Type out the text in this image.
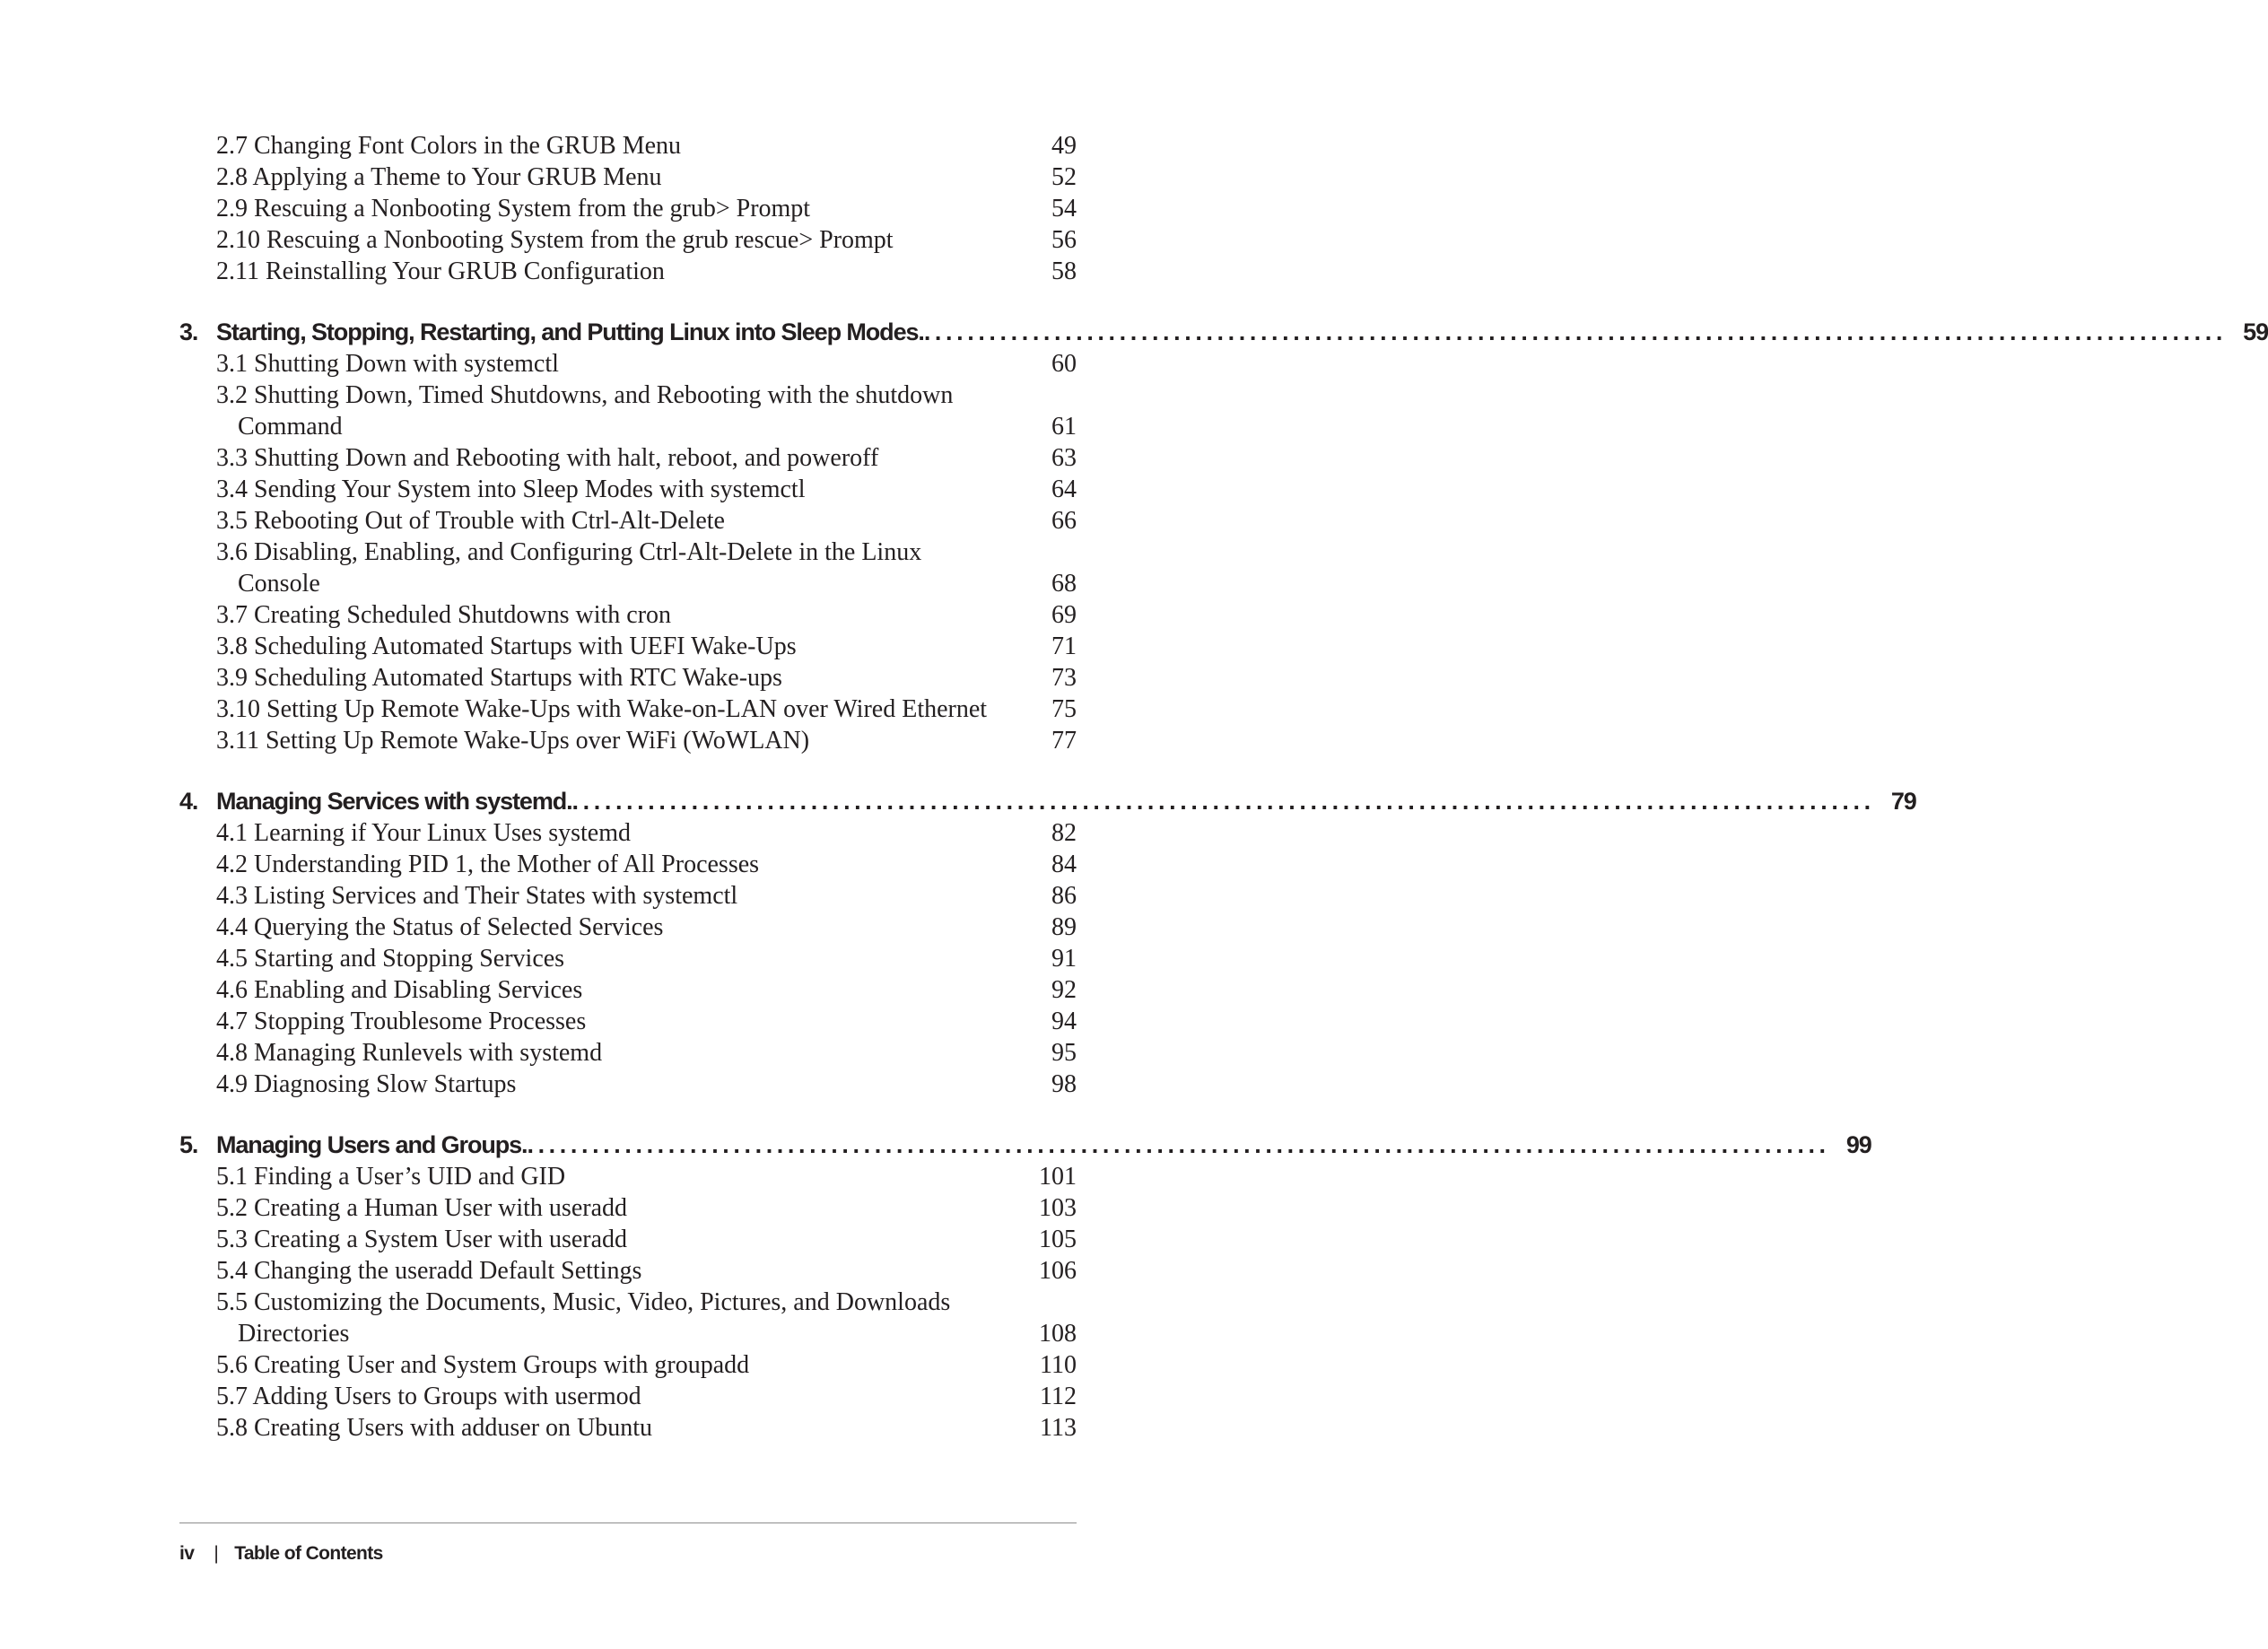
2.7 Changing Font Colors in the GRUB Menu	49
2.8 Applying a Theme to Your GRUB Menu	52
2.9 Rescuing a Nonbooting System from the grub> Prompt	54
2.10 Rescuing a Nonbooting System from the grub rescue> Prompt	56
2.11 Reinstalling Your GRUB Configuration	58
3. Starting, Stopping, Restarting, and Putting Linux into Sleep Modes. ........................................................................................................................ 59
3.1 Shutting Down with systemctl	60
3.2 Shutting Down, Timed Shutdowns, and Rebooting with the shutdown
Command	61
3.3 Shutting Down and Rebooting with halt, reboot, and poweroff	63
3.4 Sending Your System into Sleep Modes with systemctl	64
3.5 Rebooting Out of Trouble with Ctrl-Alt-Delete	66
3.6 Disabling, Enabling, and Configuring Ctrl-Alt-Delete in the Linux
Console	68
3.7 Creating Scheduled Shutdowns with cron	69
3.8 Scheduling Automated Startups with UEFI Wake-Ups	71
3.9 Scheduling Automated Startups with RTC Wake-ups	73
3.10 Setting Up Remote Wake-Ups with Wake-on-LAN over Wired Ethernet	75
3.11 Setting Up Remote Wake-Ups over WiFi (WoWLAN)	77
4. Managing Services with systemd. ........................................................................................................................ 79
4.1 Learning if Your Linux Uses systemd	82
4.2 Understanding PID 1, the Mother of All Processes	84
4.3 Listing Services and Their States with systemctl	86
4.4 Querying the Status of Selected Services	89
4.5 Starting and Stopping Services	91
4.6 Enabling and Disabling Services	92
4.7 Stopping Troublesome Processes	94
4.8 Managing Runlevels with systemd	95
4.9 Diagnosing Slow Startups	98
5. Managing Users and Groups. ........................................................................................................................ 99
5.1 Finding a User’s UID and GID	101
5.2 Creating a Human User with useradd	103
5.3 Creating a System User with useradd	105
5.4 Changing the useradd Default Settings	106
5.5 Customizing the Documents, Music, Video, Pictures, and Downloads
Directories	108
5.6 Creating User and System Groups with groupadd	110
5.7 Adding Users to Groups with usermod	112
5.8 Creating Users with adduser on Ubuntu	113
iv | Table of Contents
